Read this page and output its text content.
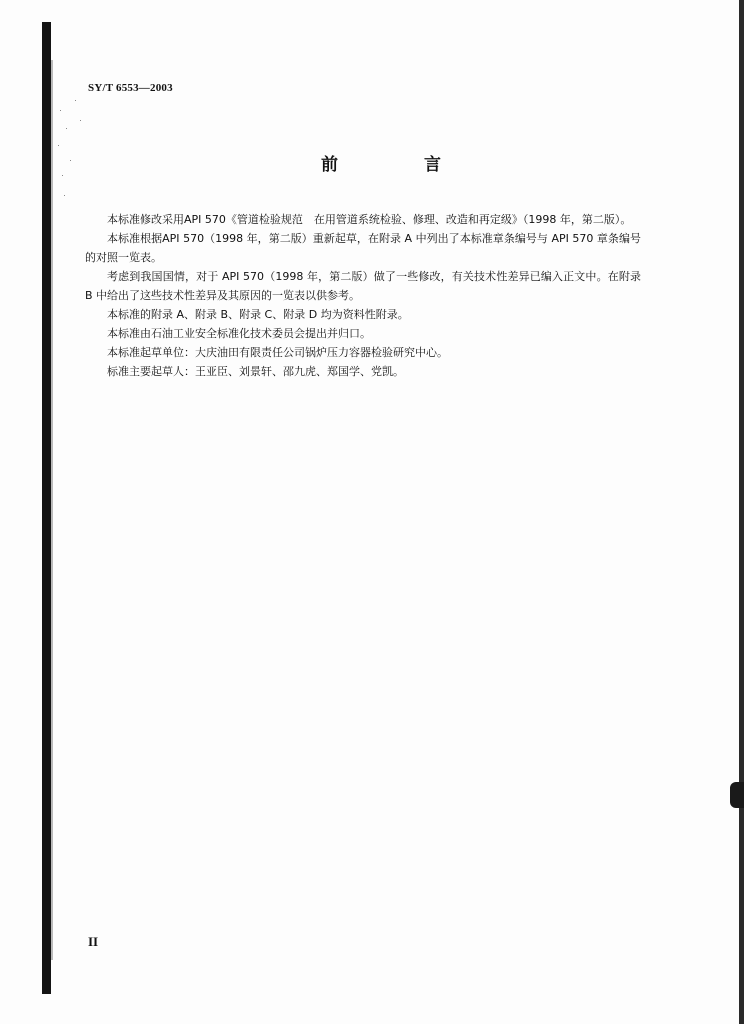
SY/T 6553—2003
前 言

本标准修改采用API 570《管道检验规范　在用管道系统检验、修理、改造和再定级》（1998 年，第二版）。

本标准根据API 570（1998 年，第二版）重新起草，在附录 A 中列出了本标准章条编号与 API 570 章条编号的对照一览表。

考虑到我国国情，对于 API 570（1998 年，第二版）做了一些修改，有关技术性差异已编入正文中。在附录 B 中给出了这些技术性差异及其原因的一览表以供参考。

本标准的附录 A、附录 B、附录 C、附录 D 均为资料性附录。

本标准由石油工业安全标准化技术委员会提出并归口。

本标准起草单位：大庆油田有限责任公司锅炉压力容器检验研究中心。

标准主要起草人：王亚臣、刘景轩、邵九虎、郑国学、党凯。

II
